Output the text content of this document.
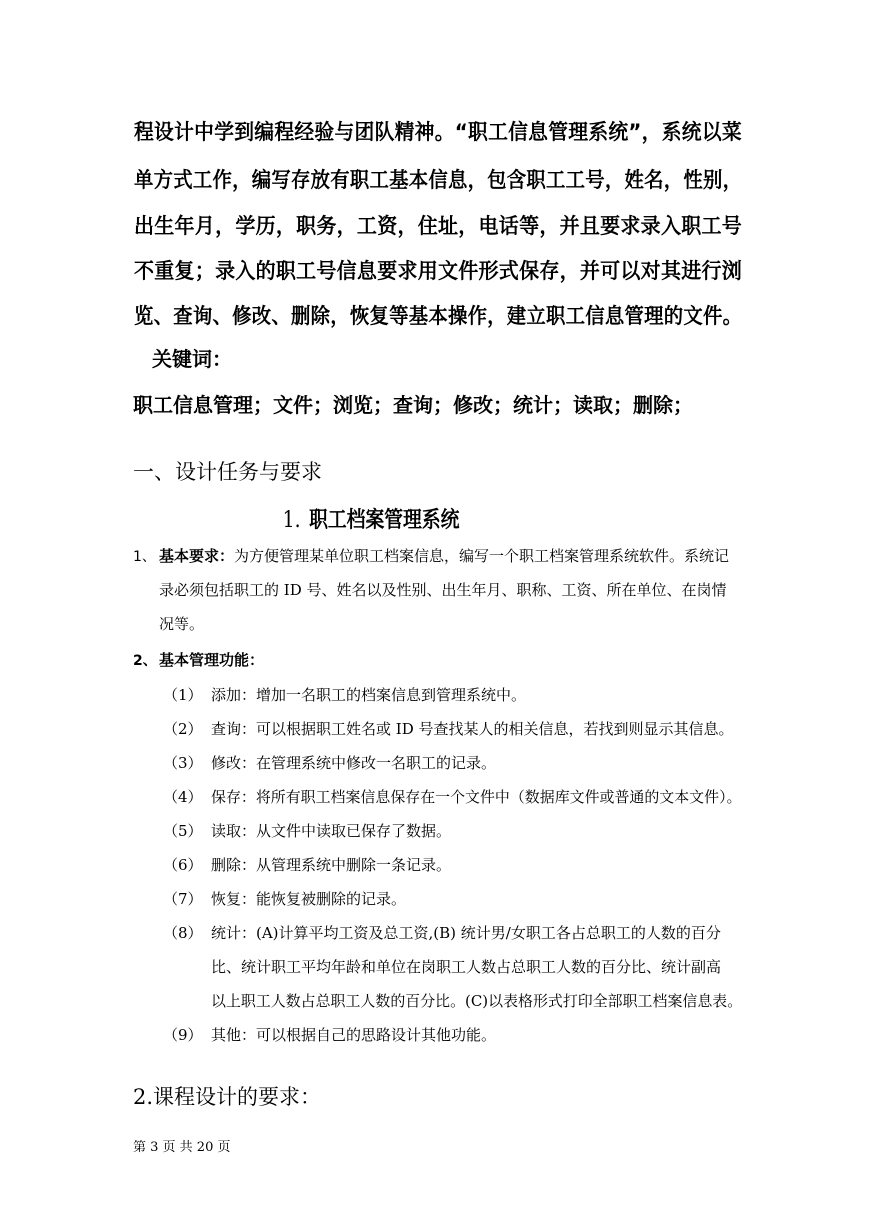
程设计中学到编程经验与团队精神。“职工信息管理系统”，系统以菜
单方式工作，编写存放有职工基本信息，包含职工工号，姓名，性别，
出生年月，学历，职务，工资，住址，电话等，并且要求录入职工号
不重复；录入的职工号信息要求用文件形式保存，并可以对其进行浏
览、查询、修改、删除，恢复等基本操作，建立职工信息管理的文件。
关键词：
职工信息管理；文件；浏览；查询；修改；统计；读取；删除；
一、设计任务与要求
1. 职工档案管理系统
1、 基本要求：为方便管理某单位职工档案信息，编写一个职工档案管理系统软件。系统记
录必须包括职工的 ID 号、姓名以及性别、出生年月、职称、工资、所在单位、在岗情
况等。
2、 基本管理功能：
（1） 添加：增加一名职工的档案信息到管理系统中。
（2） 查询：可以根据职工姓名或 ID 号查找某人的相关信息，若找到则显示其信息。
（3） 修改：在管理系统中修改一名职工的记录。
（4） 保存：将所有职工档案信息保存在一个文件中（数据库文件或普通的文本文件）。
（5） 读取：从文件中读取已保存了数据。
（6） 删除：从管理系统中删除一条记录。
（7） 恢复：能恢复被删除的记录。
（8） 统计：(A)计算平均工资及总工资,(B) 统计男/女职工各占总职工的人数的百分
比、统计职工平均年龄和单位在岗职工人数占总职工人数的百分比、统计副高
以上职工人数占总职工人数的百分比。(C)以表格形式打印全部职工档案信息表。
（9） 其他：可以根据自己的思路设计其他功能。
2.课程设计的要求：
第 3 页 共 20 页
